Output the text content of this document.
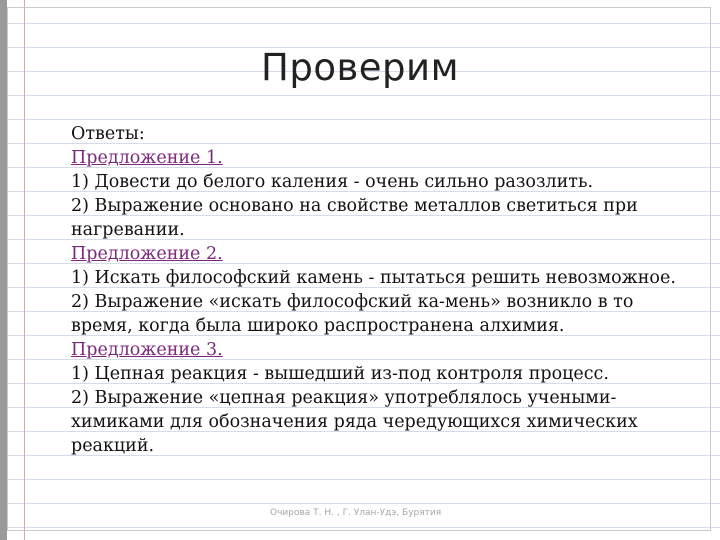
Проверим
Ответы:
Предложение 1.
1) Довести до белого каления - очень сильно разозлить.
2) Выражение основано на свойстве металлов светиться при
нагревании.
Предложение 2.
1) Искать философский камень - пытаться решить невозможное.
2) Выражение «искать философский ка-мень» возникло в то
время, когда была широко распространена алхимия.
Предложение 3.
1) Цепная реакция - вышедший из-под контроля процесс.
2) Выражение «цепная реакция» употреблялось учеными-
химиками для обозначения ряда чередующихся химических
реакций.
Очирова Т. Н. , Г. Улан-Удэ, Бурятия
